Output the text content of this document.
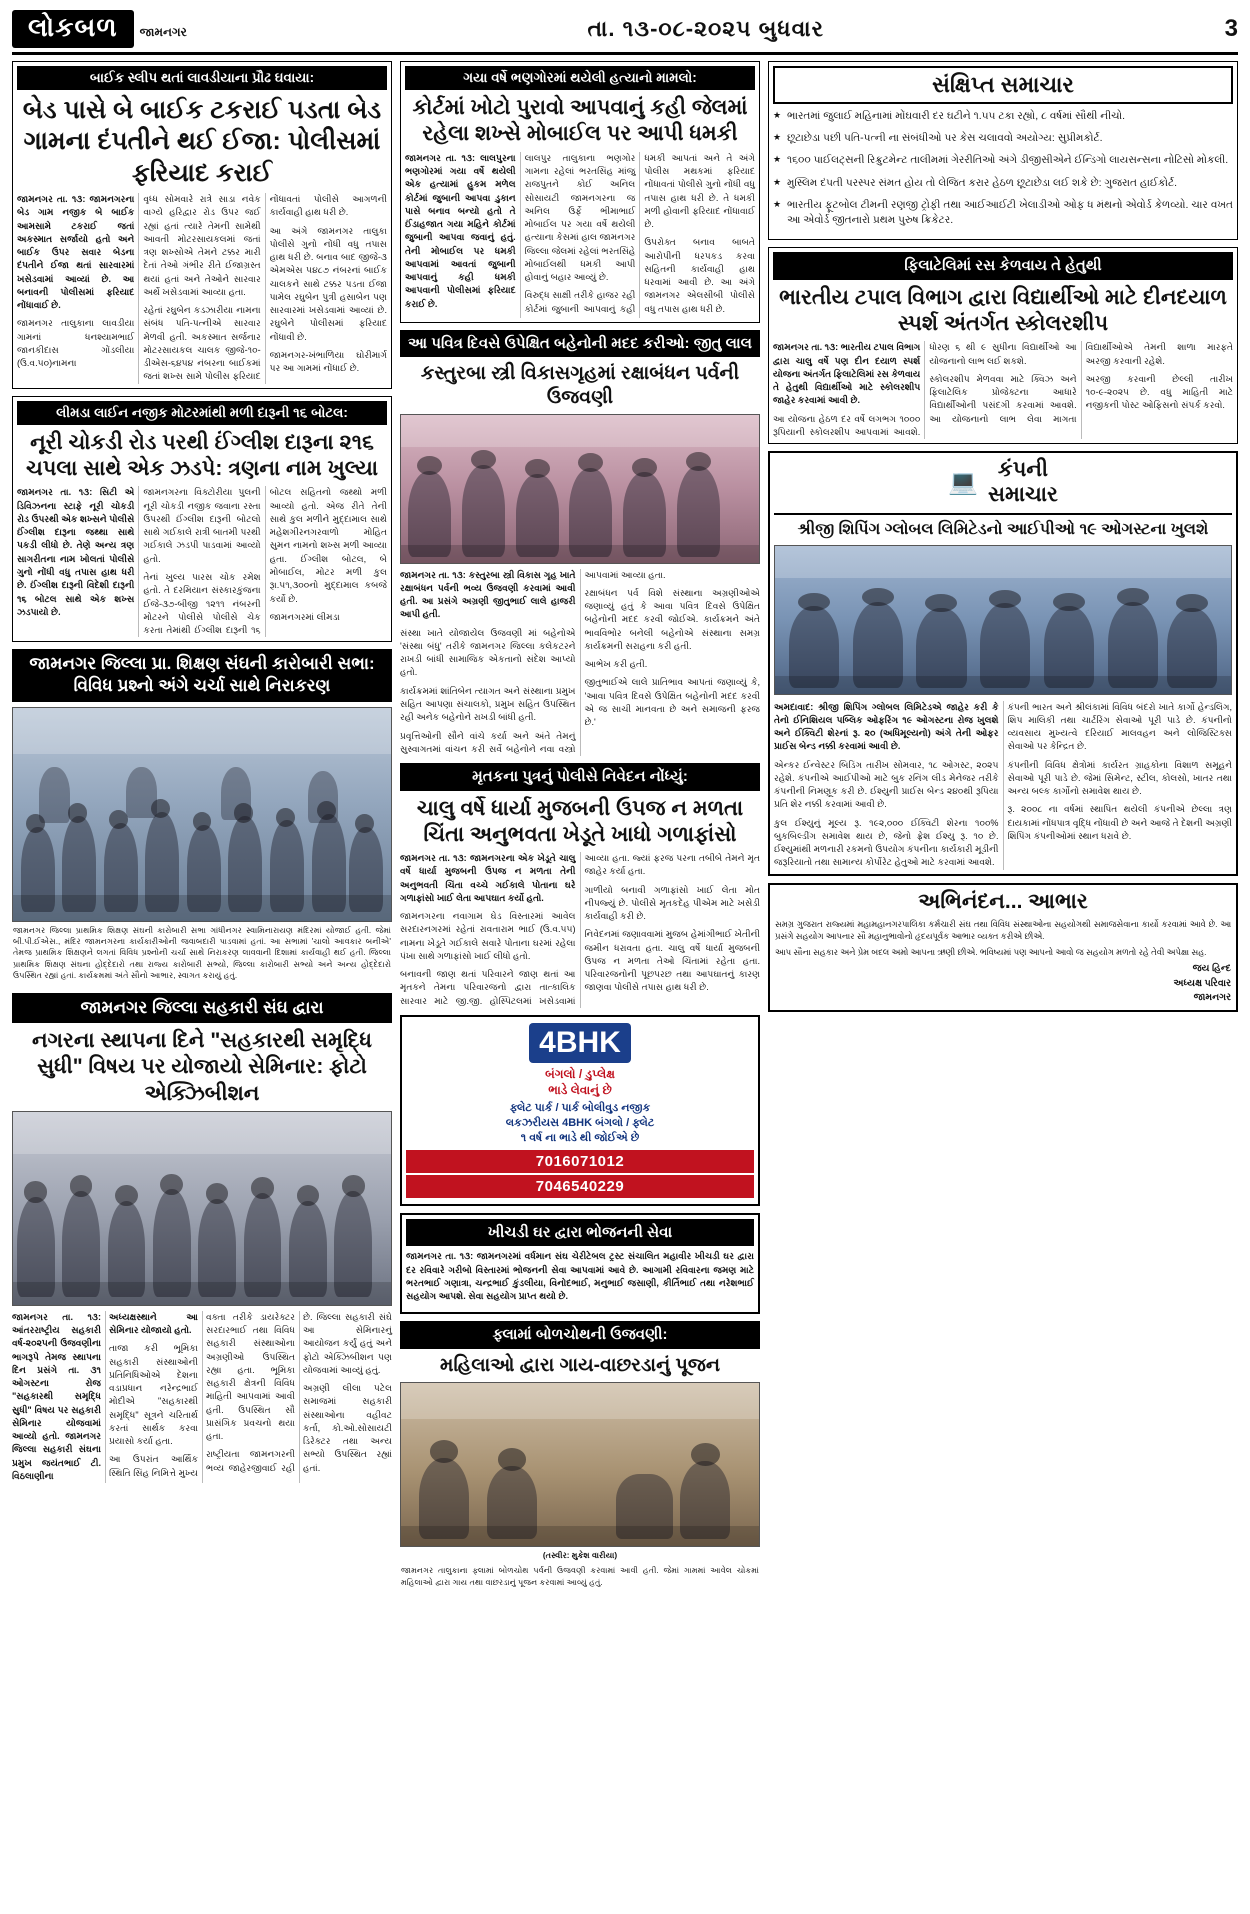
લોકબળ	જામનગર	તા. ૧૩-૦૮-૨૦૨૫ બુધવાર	3
બાઈક સ્લીપ થતાં લાવડીયાના પ્રૌઢ ઘવાયા:
બેડ પાસે બે બાઈક ટકરાઈ પડતા બેડ ગામના દંપતીને થઈ ઈજા: પોલીસમાં ફરિયાદ કરાઈ

જામનગર તા. ૧૩: જામનગરના બેડ ગામ નજીક બે બાઈક આમસામે ટકરાઈ જતાં અકસ્માત સર્જાયો હતો અને બાઈક ઉપર સવાર બેડના દંપતીને ઈજા થતાં સારવારમાં ખસેડવામાં આવ્યાં છે. આ બનાવની પોલીસમાં ફરિયાદ નોંધાવાઈ છે.

જામનગર તાલુકાના લાવડીયા ગામનાં ધનશ્યામભાઈ જાનકીદાસ ગોંડલીયા (ઉ.વ.૫૦)નામના

વૃધ્ધ સોમવારે રાત્રે સાડા નવેક વાગ્યે હરિદ્વાર રોડ ઉપર જઈ રહ્યાં હતાં ત્યારે તેમની સામેથી આવતી મોટરસાયકલમાં જતાં ત્રણ શખ્સોએ તેમને ટક્કર મારી દેતાં તેઓ ગંભીર રીતે ઈજાગ્રસ્ત થયાં હતાં અને તેઓને સારવાર અર્થે ખસેડવામાં આવ્યા હતા.

રહેતાં રઘુબેન કડઝારીયા નામના સંબંધ પતિ-પત્નીએ સારવાર મેળવી હતી. અકસ્માત સર્જનાર મોટરસાયકલ ચાલક જીજે-૧૦-ડીએસ-૬૪૫૪ નંબરના બાઈકમાં જતાં શખ્સ સામે પોલીસ ફરિયાદ નોંધાવતાં પોલીસે આગળની કાર્યવાહી હાથ ધરી છે.

આ અંગે જામનગર તાલુકા પોલીસે ગુનો નોંધી વધુ તપાસ હાથ ધરી છે. બનાવ બાદ જીજે-૩ એમએસ ૫૪૮૭ નંબરનાં બાઈક ચાલકને સાથે ટક્કર પડતા ઈજા પામેલ રઘુબેન પુત્રી હસાબેન પણ સારવારમાં ખસેડવામાં આવ્યાં છે. રઘુબેને પોલીસમાં ફરિયાદ નોંધાવી છે.

જામનગર-ખંભાળિયા ઘોરીમાર્ગ પર આ ગામમાં નોંધાઈ છે.

લીમડા લાઈન નજીક મોટરમાંથી મળી દારૂની ૧૬ બોટલ:
નૂરી ચોકડી રોડ પરથી ઈંગ્લીશ દારૂના ૨૧૬ ચપલા સાથે એક ઝડપે: ત્રણના નામ ખુલ્યા

જામનગર તા. ૧૩: સિટી એ ડિવિઝનના સ્ટાફે નૂરી ચોકડી રોડ ઉપરથી એક શખ્સને પોલીસે ઈંગ્લીશ દારૂના જથ્થા સાથે પકડી લીધો છે. તેણે અન્ય ત્રણ સાગરીતના નામ ખોલતાં પોલીસે ગુનો નોંધી વધુ તપાસ હાથ ધરી છે. ઈંગ્લીશ દારૂની વિદેશી દારૂની ૧૬ બોટલ સાથે એક શખ્સ ઝડપાયો છે.

જામનગરના વિક્ટોરીયા પુલની નૂરી ચોકડી નજીક જવાના રસ્તા ઉપરથી ઈંગ્લીશ દારૂની બોટલો સાથે ગઈકાલે રાત્રી બાતમી પરથી ગઈકાલે ઝડપી પાડવામાં આવ્યો હતો.

તેનાં ખુલ્ય પારસ ચોક રમેશ હતો. તે દરમિયાન સંસ્કારકુંજના ઈજે-૩૭-બીજી ૧૨૧૧ નંબરની મોટરને પોલીસે પોલીસે ચેક કરતા તેમાંથી ઈંગ્લીશ દારૂની ૧૬ બોટલ સહિતનો જથ્થો મળી આવ્યો હતો. એજ રીતે તેની સાથે કુલ મળીને મુદ્દામાલ સાથે મહેશગીરનગરવાળો મોહિત સુમન નામનો શખ્સ મળી આવ્યા હતા. ઈંગ્લીશ બોટલ, બે મોબાઈલ, મોટર મળી કુલ રૂા.૫૧,૩૦૦નો મુદ્દામાલ કબજે કર્યો છે.

જામનગરમાં લીમડા

જામનગર જિલ્લા પ્રા. શિક્ષણ સંઘની કારોબારી સભા: વિવિધ પ્રશ્નો અંગે ચર્ચા સાથે નિરાકરણ
જામનગર જિલ્લા પ્રાથમિક શિક્ષણ સંઘની કારોબારી સભા ગાંધીનગર સ્વામિનારાયણ મંદિરમાં યોજાઈ હતી. જેમાં બી.પી.ઈએસ., મંદિર જામનગરના કાર્યકારીઓની જવાબદારી પાડવામાં હતાં. આ સભામાં 'ચાલો આવકાર બનીએ' તેમજ પ્રાથમિક શિક્ષણને લગતાં વિવિધ પ્રશ્નોની ચર્ચા સાથે નિરાકરણ લાવવાની દિશામાં કાર્યવાહી થઈ હતી. જિલ્લા પ્રાથમિક શિક્ષણ સંઘના હોદ્દેદારો તથા રાજ્ય કારોબારી સભ્યો, જિલ્લા કારોબારી સભ્યો અને અન્ય હોદ્દેદારો ઉપસ્થિત રહ્યાં હતાં. કાર્યક્રમમાં અંતે સૌનો આભાર, સ્વાગત કરાયું હતું.
જામનગર જિલ્લા સહકારી સંઘ દ્વારા
નગરના સ્થાપના દિને "સહકારથી સમૃદ્ધિ સુધી" વિષય પર યોજાયો સેમિનાર: ફોટો એક્ઝિબીશન

જામનગર તા. ૧૩: આંતરરાષ્ટ્રીય સહકારી વર્ષ-૨૦૨૫ની ઉજવણીના ભાગરૂપે તેમજ સ્થાપના દિન પ્રસંગે તા. ૩૧ ઓગસ્ટના રોજ "સહકારથી સમૃદ્ધિ સુધી" વિષય પર સહકારી સેમિનાર યોજવામાં આવ્યો હતો. જામનગર જિલ્લા સહકારી સંઘના પ્રમુખ જયંતભાઈ ટી. વિઠલાણીના અધ્યક્ષસ્થાને આ સેમિનાર યોજાયો હતો.

તાજા કરી ભૂમિકા સહકારી સંસ્થાઓની પ્રતિનિધિઓએ દેશના વડાપ્રધાન નરેન્દ્રભાઈ મોદીએ "સહકારથી સમૃદ્ધિ" સૂત્રને ચરિતાર્થ કરતાં સાર્થક કરવા પ્રયાસો કર્યા હતા.

આ ઉપરાંત આર્થિક સ્થિતિ સિંહ નિમિત્તે મુખ્ય વક્તા તરીકે ડાયરેક્ટર સરદારભાઈ તથા વિવિધ સહકારી સંસ્થાઓના અગ્રણીઓ ઉપસ્થિત રહ્યા હતા. ભૂમિકા સહકારી ક્ષેત્રની વિવિધ માહિતી આપવામાં આવી હતી. ઉપસ્થિત સૌ પ્રાસંગિક પ્રવચનો થયા હતા.

રાષ્ટ્રીયતા જામનગરની ભવ્ય જાહેરજીવાઈ રહી છે. જિલ્લા સહકારી સંઘે આ સેમિનારનું આયોજન કર્યું હતું અને ફોટો એક્ઝિબીશન પણ યોજવામાં આવ્યું હતું.

અગ્રણી લીલા પટેલ સમાજમાં સહકારી સંસ્થાઓના વહીવટ કર્તા, કો.ઓ.સોસાયટી ડિરેક્ટર તથા અન્ય સભ્યો ઉપસ્થિત રહ્યાં હતાં.

ગયા વર્ષે ભણગોરમાં થયેલી હત્યાનો મામલો:
કોર્ટમાં ખોટો પુરાવો આપવાનું કહી જેલમાં રહેલા શખ્સે મોબાઈલ પર આપી ધમકી

જામનગર તા. ૧૩: લાલપુરના ભણગોરમાં ગયા વર્ષે થયેલી એક હત્યામાં હુકમ મળેલ કોર્ટમાં જુબાની આપવા ડુકાન પાસે બનાવ બન્યો હતો તે ઈંડાહજાત ગયા મહિને કોર્ટમાં જુબાની આપવા જવાનું હતું. તેની મોબાઈલ પર ધમકી આપવામાં આવતાં જુબાની આપવાનું કહી ધમકી આપવાની પોલીસમાં ફરિયાદ કરાઈ છે.

લાલપુર તાલુકાના ભણગોર ગામના રહેલાં ભરતસિંહ માંજુ રાજપુતને કોઈ અનિલ સોસાયટી જામનગરના જ અનિલ ઉર્ફે ભીમાભાઈ મોબાઈલ પર ગયા વર્ષે થયેલી હત્યાના કેસમાં હાલ જામનગર જિલ્લા જેલમાં રહેલાં ભરતસિંહે મોબાઈલથી ધમકી આપી હોવાનું બહાર આવ્યું છે.

વિરુદ્ધ સાક્ષી તરીકે હાજર રહી કોર્ટમાં જુબાની આપવાનું કહી ધમકી આપતાં અને તે અંગે પોલીસ મથકમાં ફરિયાદ નોંધાવતાં પોલીસે ગુનો નોંધી વધુ તપાસ હાથ ધરી છે. તે ધમકી મળી હોવાની ફરિયાદ નોંધાવાઈ છે.

ઉપરોક્ત બનાવ બાબતે આરોપીની ધરપકડ કરવા સહિતની કાર્યવાહી હાથ ધરવામાં આવી છે. આ અંગે જામનગર એલસીબી પોલીસે વધુ તપાસ હાથ ધરી છે.

આ પવિત્ર દિવસે ઉપેક્ષિત બહેનોની મદદ કરીઓ: જીતુ લાલ
કસ્તુરબા સ્ત્રી વિકાસગૃહમાં રક્ષાબંધન પર્વની ઉજવણી

જામનગર તા. ૧૩: કસ્તુરબા સ્ત્રી વિકાસ ગૃહ ખાતે રક્ષાબંધન પર્વની ભવ્ય ઉજવણી કરવામાં આવી હતી. આ પ્રસંગે અગ્રણી જીતુભાઈ લાલે હાજરી આપી હતી.

સંસ્થા ખાતે યોજાયેલ ઉજવણી માં બહેનોએ 'સંસ્થા બંધુ' તરીકે જામનગર જિલ્લા કલેકટરને રાખડી બાંધી સામાજિક એકતાનો સંદેશ આપ્યો હતો.

કાર્યક્રમમાં શાંતિબેન ત્યાગત અને સંસ્થાના પ્રમુખ સહિત આપણા સંચાલકો, પ્રમુખ સહિત ઉપસ્થિત રહી અનેક બહેનોને રાખડી બાંધી હતી.

પ્રવૃત્તિઓની સૌને વાંચે કર્યા અને અંતે તેમનું સુસ્વાગતમાં વાંચન કરી સર્વે બહેનોને નવા વસ્ત્રો આપવામાં આવ્યા હતા.

રક્ષાબંધન પર્વ વિશે સંસ્થાના અગ્રણીઓએ જણાવ્યું હતું કે આવા પવિત્ર દિવસે ઉપેક્ષિત બહેનોની મદદ કરવી જોઈએ. કાર્યક્રમને અંતે ભાવવિભોર બનેલી બહેનોએ સંસ્થાના સમગ્ર કાર્યક્રમની સરાહના કરી હતી.

આભેખ કરી હતી.

જીતુભાઈએ લાલે પ્રાતિભાવ આપતાં જણાવ્યું કે, 'આવા પવિત્ર દિવસે ઉપેક્ષિત બહેનોની મદદ કરવી એ જ સાચી માનવતા છે અને સમાજની ફરજ છે.'

મૃતકના પુત્રનું પોલીસે નિવેદન નોંધ્યું:
ચાલુ વર્ષે ધાર્યા મુજબની ઉપજ ન મળતા ચિંતા અનુભવતા ખેડૂતે ખાધો ગળાફાંસો

જામનગર તા. ૧૩: જામનગરના એક ખેડૂતે ચાલુ વર્ષે ધાર્યા મુજબની ઉપજ ન મળતા તેની અનુભવતી ચિંતા વચ્ચે ગઈકાલે પોતાના ઘરે ગળાફાંસો ખાઈ લેતા આપઘાત કર્યો હતો.

જામનગરના નવાગામ ઘેડ વિસ્તારમાં આવેલ સરદારનગરમાં રહેતાં રાવતારામ ભાઈ (ઉ.વ.૫૫) નામના ખેડૂતે ગઈકાલે સવારે પોતાના ઘરમાં રહેલા પંખા સાથે ગળાફાંસો ખાઈ લીધો હતો.

બનાવની જાણ થતાં પરિવારને જાણ થતાં આ મૃતકને તેમના પરિવારજનો દ્વારા તાત્કાલિક સારવાર માટે જી.જી. હોસ્પિટલમાં ખસેડવામાં આવ્યા હતા. જ્યાં ફરજ પરના તબીબે તેમને મૃત જાહેર કર્યા હતા.

ગાળીયો બનાવી ગળાફાંસો ખાઈ લેતા મોત નીપજ્યું છે. પોલીસે મૃતકદેહ પીએમ માટે ખસેડી કાર્યવાહી કરી છે.

નિવેદનમાં જણાવવામાં મુજબ હેમાંગીભાઈ ખેતીની જમીન ધરાવતા હતા. ચાલુ વર્ષે ધાર્યા મુજબની ઉપજ ન મળતા તેઓ ચિંતામાં રહેતા હતા. પરિવારજનોની પૂછપરછ તથા આપઘાતનું કારણ જાણવા પોલીસે તપાસ હાથ ધરી છે.

4BHK
બંગલો / ડુપ્લેક્ષ
ભાડે લેવાનું છે
ફ્લેટ પાર્ક / પાર્ક બોલીવુડ નજીક
લકઝરીયસ 4BHK બંગલો / ફ્લેટ
૧ વર્ષ ના ભાડે થી જોઈએ છે
7016071012
7046540229
ખીચડી ઘર દ્વારા ભોજનની સેવા

જામનગર તા. ૧૩: જામનગરમાં વર્ધમાન સંઘ ચેરીટેબલ ટ્રસ્ટ સંચાલિત મહાવીર ખીચડી ઘર દ્વારા દર રવિવારે ગરીબો વિસ્તારમાં ભોજનની સેવા આપવામાં આવે છે. આગામી રવિવારના જમણ માટે ભરતભાઈ ગણાત્રા, ચન્દ્રભાઈ કુંડલીયા, વિનોદભાઈ, મનુભાઈ જસાણી, કીર્તિભાઈ તથા નરેશભાઈ સહયોગ આપશે. સેવા સહયોગ પ્રાપ્ત થયો છે.

ફ્લામાં બોળચોથની ઉજવણી:
મહિલાઓ દ્વારા ગાય-વાછરડાનું પૂજન
(તસ્વીર: મુકેશ વારીયા)
જામનગર તાલુકાના ફ્લામાં બોળચોથ પર્વની ઉજવણી કરવામાં આવી હતી. જેમાં ગામમાં આવેલ ચોકમાં મહિલાઓ દ્વારા ગાય તથા વાછરડાનું પૂજન કરવામાં આવ્યું હતું.
સંક્ષિપ્ત સમાચાર
★ ભારતમાં જુલાઈ મહિનામાં મોંઘવારી દર ઘટીને ૧.૫૫ ટકા રહ્યો, ૮ વર્ષમાં સૌથી નીચો.
★ છૂટાછેડા પછી પતિ-પત્ની ના સંબંધીઓ પર કેસ ચલાવવો અયોગ્ય: સુપ્રીમકોર્ટ.
★ ૧૬૦૦ પાઈલટ્સની રિક્રુટમેન્ટ તાલીમમાં ગેરરીતિઓ અંગે ડીજીસીએને ઈન્ડિગો લાયસન્સના નોટિસો મોકલી.
★ મુસ્લિમ દંપતી પરસ્પર સંમત હોય તો લેજિત કરાર હેઠળ છૂટાછેડા લઈ શકે છે: ગુજરાત હાઈકોર્ટ.
★ ભારતીય ફૂટબોલ ટીમની રણજી ટ્રોફી તથા આઈઆઈટી ખેલાડીઓ ઓફ ધ મંથનો એવોર્ડ કેળવ્યો. ચાર વખત આ એવોર્ડ જીતનારો પ્રથમ પુરુષ ક્રિકેટર.
ફિલાટેલિમાં રસ કેળવાય તે હેતુથી
ભારતીય ટપાલ વિભાગ દ્વારા વિદ્યાર્થીઓ માટે દીનદયાળ સ્પર્શ અંતર્ગત સ્કોલરશીપ

જામનગર તા. ૧૩: ભારતીય ટપાલ વિભાગ દ્વારા ચાલુ વર્ષે પણ દીન દયાળ સ્પર્શ યોજના અંતર્ગત ફિલાટેલિમાં રસ કેળવાય તે હેતુથી વિદ્યાર્થીઓ માટે સ્કોલરશીપ જાહેર કરવામાં આવી છે.

આ યોજના હેઠળ દર વર્ષે લગભગ ૧૦૦૦ રૂપિયાની સ્કોલરશીપ આપવામાં આવશે. ધોરણ ૬ થી ૯ સુધીના વિદ્યાર્થીઓ આ યોજનાનો લાભ લઈ શકશે.

સ્કોલરશીપ મેળવવા માટે ક્વિઝ અને ફિલાટેલિક પ્રોજેક્ટના આધારે વિદ્યાર્થીઓની પસંદગી કરવામાં આવશે. આ યોજનાનો લાભ લેવા માગતા વિદ્યાર્થીઓએ તેમની શાળા મારફતે અરજી કરવાની રહેશે.

અરજી કરવાની છેલ્લી તારીખ ૧૦-૯-૨૦૨૫ છે. વધુ માહિતી માટે નજીકની પોસ્ટ ઓફિસનો સંપર્ક કરવો.

💻 કંપની
સમાચાર
શ્રીજી શિપિંગ ગ્લોબલ લિમિટેડનો આઈપીઓ ૧૯ ઓગસ્ટના ખુલશે

અમદાવાદ: શ્રીજી શિપિંગ ગ્લોબલ લિમિટેડએ જાહેર કરી કે તેનો ઈનિશિયલ પબ્લિક ઓફરિંગ ૧૯ ઓગસ્ટના રોજ ખુલશે અને ઈક્વિટી શેરનાં રૂ. ૨૦ (અધિમૂલ્યનો) અંગે તેની ઓફર પ્રાઈસ બેન્ડ નક્કી કરવામાં આવી છે.

એન્કર ઈન્વેસ્ટર બિડિંગ તારીખ સોમવાર, ૧૮ ઓગસ્ટ, ૨૦૨૫ રહેશે. કંપનીએ આઈપીઓ માટે બુક રનિંગ લીડ મેનેજર તરીકે કંપનીની નિમણૂક કરી છે. ઈશ્યુની પ્રાઈસ બેન્ડ ૨૪૦થી રૂપિયા પ્રતિ શેર નક્કી કરવામાં આવી છે.

કુલ ઈશ્યુનું મૂલ્ય રૂ. ૧૯૨,૦૦૦ ઈક્વિટી શેરના ૧૦૦% બુકબિલ્ડીંગ સમાવેશ થાય છે, જેનો ફ્રેશ ઈશ્યુ રૂ. ૧૦ છે. ઈશ્યુમાંથી મળનારી રકમનો ઉપયોગ કંપનીના કાર્યકારી મૂડીની જરૂરિયાતો તથા સામાન્ય કોર્પોરેટ હેતુઓ માટે કરવામાં આવશે.

કંપની ભારત અને શ્રીલંકામાં વિવિધ બંદરો ખાતે કાર્ગો હેન્ડલિંગ, શિપ માલિકી તથા ચાર્ટરિંગ સેવાઓ પૂરી પાડે છે. કંપનીનો વ્યવસાય મુખ્યત્વે દરિયાઈ માલવહન અને લોજિસ્ટિક્સ સેવાઓ પર કેન્દ્રિત છે.

કંપનીની વિવિધ ક્ષેત્રોમાં કાર્યરત ગ્રાહકોના વિશાળ સમૂહને સેવાઓ પૂરી પાડે છે. જેમાં સિમેન્ટ, સ્ટીલ, કોલસો, ખાતર તથા અન્ય બલ્ક કાર્ગોનો સમાવેશ થાય છે.

રૂ. ૨૦૦૮ ના વર્ષમાં સ્થાપિત થયેલી કંપનીએ છેલ્લા ત્રણ દાયકામાં નોંધપાત્ર વૃદ્ધિ નોંધાવી છે અને આજે તે દેશની અગ્રણી શિપિંગ કંપનીઓમાં સ્થાન ધરાવે છે.

અભિનંદન... આભાર

સમગ્ર ગુજરાત રાજ્યમાં મહામહાનગરપાલિકા કર્મચારી સંઘ તથા વિવિધ સંસ્થાઓના સહયોગથી સમાજસેવાના કાર્યો કરવામાં આવે છે. આ પ્રસંગે સહયોગ આપનાર સૌ મહાનુભાવોનો હૃદયપૂર્વક આભાર વ્યક્ત કરીએ છીએ.

આપ સૌના સહકાર અને પ્રેમ બદલ અમો આપના ઋણી છીએ. ભવિષ્યમાં પણ આપનો આવો જ સહયોગ મળતો રહે તેવી અપેક્ષા સહ.

જય હિન્દ
અધ્યક્ષ પરિવાર
જામનગર
